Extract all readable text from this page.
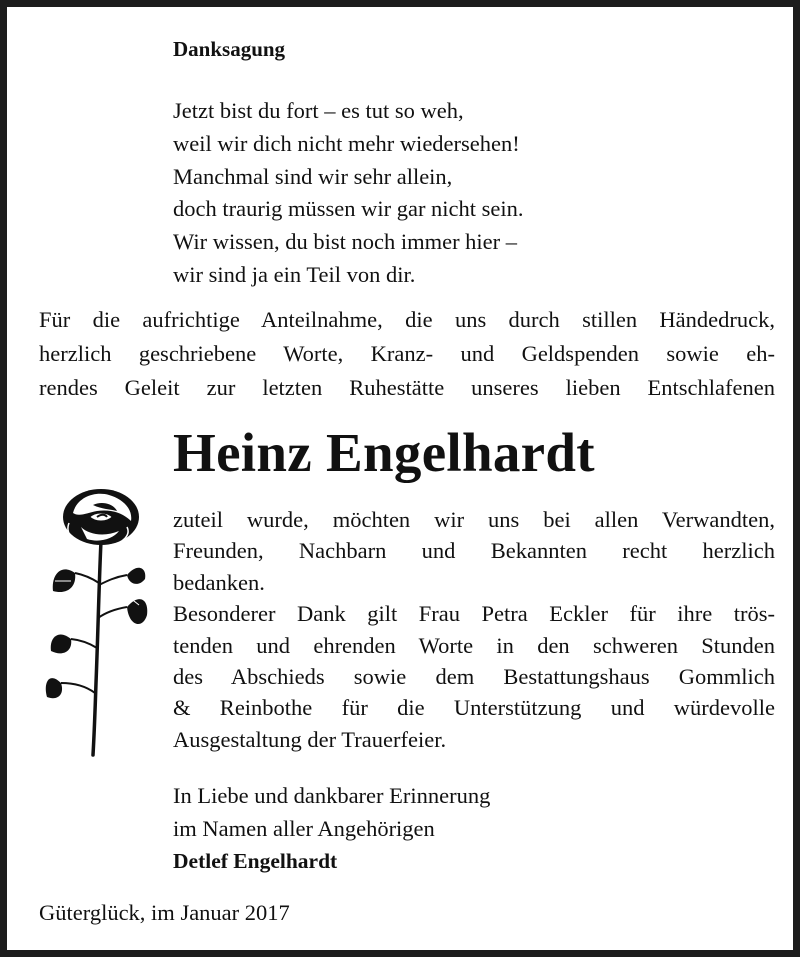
Danksagung
Jetzt bist du fort – es tut so weh,
weil wir dich nicht mehr wiedersehen!
Manchmal sind wir sehr allein,
doch traurig müssen wir gar nicht sein.
Wir wissen, du bist noch immer hier –
wir sind ja ein Teil von dir.
Für die aufrichtige Anteilnahme, die uns durch stillen Händedruck,
herzlich geschriebene Worte, Kranz- und Geldspenden sowie eh-
rendes Geleit zur letzten Ruhestätte unseres lieben Entschlafenen
Heinz Engelhardt
zuteil wurde, möchten wir uns bei allen Verwandten,
Freunden, Nachbarn und Bekannten recht herzlich
bedanken.
Besonderer Dank gilt Frau Petra Eckler für ihre trös-
tenden und ehrenden Worte in den schweren Stunden
des Abschieds sowie dem Bestattungshaus Gommlich
& Reinbothe für die Unterstützung und würdevolle
Ausgestaltung der Trauerfeier.
In Liebe und dankbarer Erinnerung
im Namen aller Angehörigen
Detlef Engelhardt
Güterglück, im Januar 2017
